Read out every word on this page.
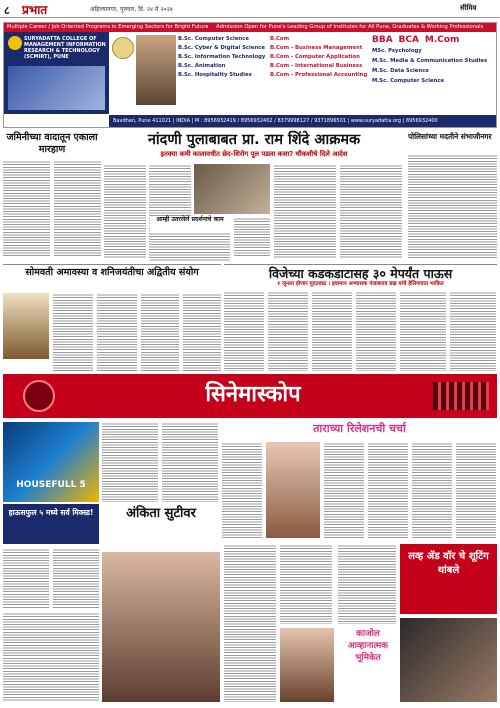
८ प्रभात	अहिल्यानगर, गुरुवार, दि. २४ मे २०२४	सीमिव
Multiple Career / Job Oriented Programs in Emerging Sectors for Bright Future Admission Open for Pune's Leading Group of Institutes for All Pune, Graduates & Working Professionals
SURYADATTA COLLEGE OF MANAGEMENT INFORMATION RESEARCH & TECHNOLOGY (SCMIRT), PUNE
B.Sc. Computer Science
B.Sc. Cyber & Digital Science
B.Sc. Information Technology
B.Sc. Animation
B.Sc. Hospitality Studies
B.Com
B.Com - Business Management
B.Com - Computer Application
B.Com - International Business
B.Com - Professional Accounting
BBA BCA M.Com
MSc. Psychology
M.Sc. Media & Communication Studies
M.Sc. Data Science
M.Sc. Computer Science
Bavdhan, Pune 411021 | INDIA | M : 8956932419 / 8956932402 / 8379998127 / 9371896501 | www.suryadatta.org | 8956932400
जमिनीच्या वादातून एकाला मारहाण
नांदणी पुलाबाबत प्रा. राम शिंदे आक्रमक
इतक्या कमी कालावधीत छेद-शिरोग पूल पडला कसा? चौकशीचे दिले आदेश
पोलिसांच्या मदतीने संभाजीनगर
आम्ही उतरलेले प्रदर्शनाचे काम
सोमवती अमावस्या व शनिजयंतीचा अद्वितीय संयोग	विजेच्या कडकडाटासह ३० मेपर्यंत पाऊस
१ जूनला होणार मुदतवाढ । हवामान अभ्यासक पंजाबराव डख यांचे हेलिगावात भाकित
सिनेमास्कोप
HOUSEFULL 5
हाऊसफुल ५ मध्ये सर्व मिक्स्ड!
ताराच्या रिलेशनची चर्चा
अंकिता सुटीवर
काजोल आव्हानात्मक भूमिकेत
लव्ह ॲड वॉर चे शूटिंग थांबले
